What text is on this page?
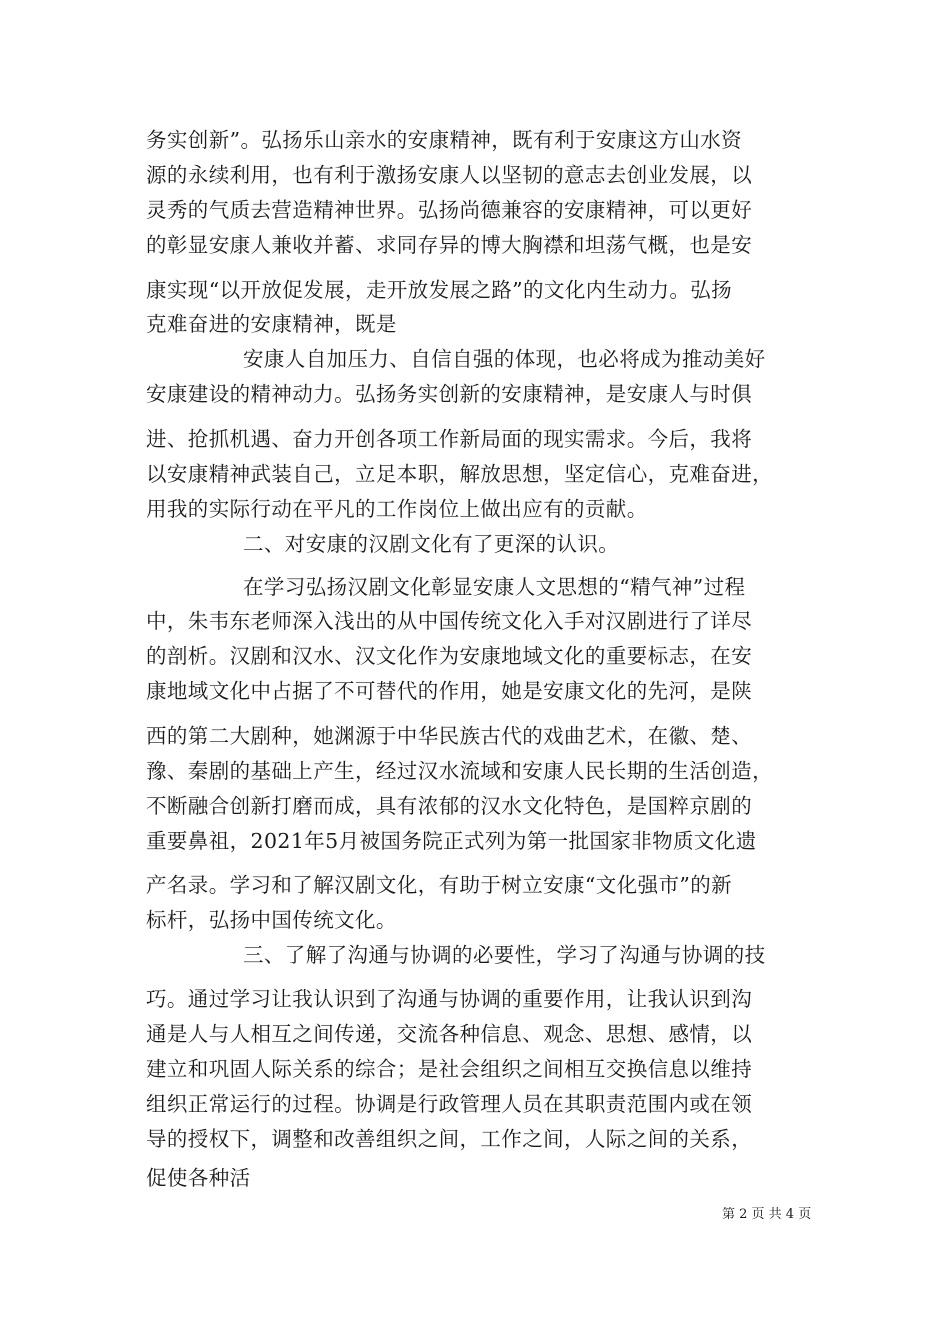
务实创新”。弘扬乐山亲水的安康精神，既有利于安康这方山水资

源的永续利用，也有利于激扬安康人以坚韧的意志去创业发展，以

灵秀的气质去营造精神世界。弘扬尚德兼容的安康精神，可以更好

的彰显安康人兼收并蓄、求同存异的博大胸襟和坦荡气概，也是安

康实现“以开放促发展，走开放发展之路”的文化内生动力。弘扬

克难奋进的安康精神，既是

安康人自加压力、自信自强的体现，也必将成为推动美好

安康建设的精神动力。弘扬务实创新的安康精神，是安康人与时俱

进、抢抓机遇、奋力开创各项工作新局面的现实需求。今后，我将

以安康精神武装自己，立足本职，解放思想，坚定信心，克难奋进，

用我的实际行动在平凡的工作岗位上做出应有的贡献。

二、对安康的汉剧文化有了更深的认识。

在学习弘扬汉剧文化彰显安康人文思想的“精气神”过程

中，朱韦东老师深入浅出的从中国传统文化入手对汉剧进行了详尽

的剖析。汉剧和汉水、汉文化作为安康地域文化的重要标志，在安

康地域文化中占据了不可替代的作用，她是安康文化的先河，是陕

西的第二大剧种，她渊源于中华民族古代的戏曲艺术，在徽、楚、

豫、秦剧的基础上产生，经过汉水流域和安康人民长期的生活创造，

不断融合创新打磨而成，具有浓郁的汉水文化特色，是国粹京剧的

重要鼻祖，2021年5月被国务院正式列为第一批国家非物质文化遗

产名录。学习和了解汉剧文化，有助于树立安康“文化强市”的新

标杆，弘扬中国传统文化。

三、了解了沟通与协调的必要性，学习了沟通与协调的技

巧。通过学习让我认识到了沟通与协调的重要作用，让我认识到沟

通是人与人相互之间传递，交流各种信息、观念、思想、感情，以

建立和巩固人际关系的综合；是社会组织之间相互交换信息以维持

组织正常运行的过程。协调是行政管理人员在其职责范围内或在领

导的授权下，调整和改善组织之间，工作之间，人际之间的关系，

促使各种活

第 2 页 共 4 页
